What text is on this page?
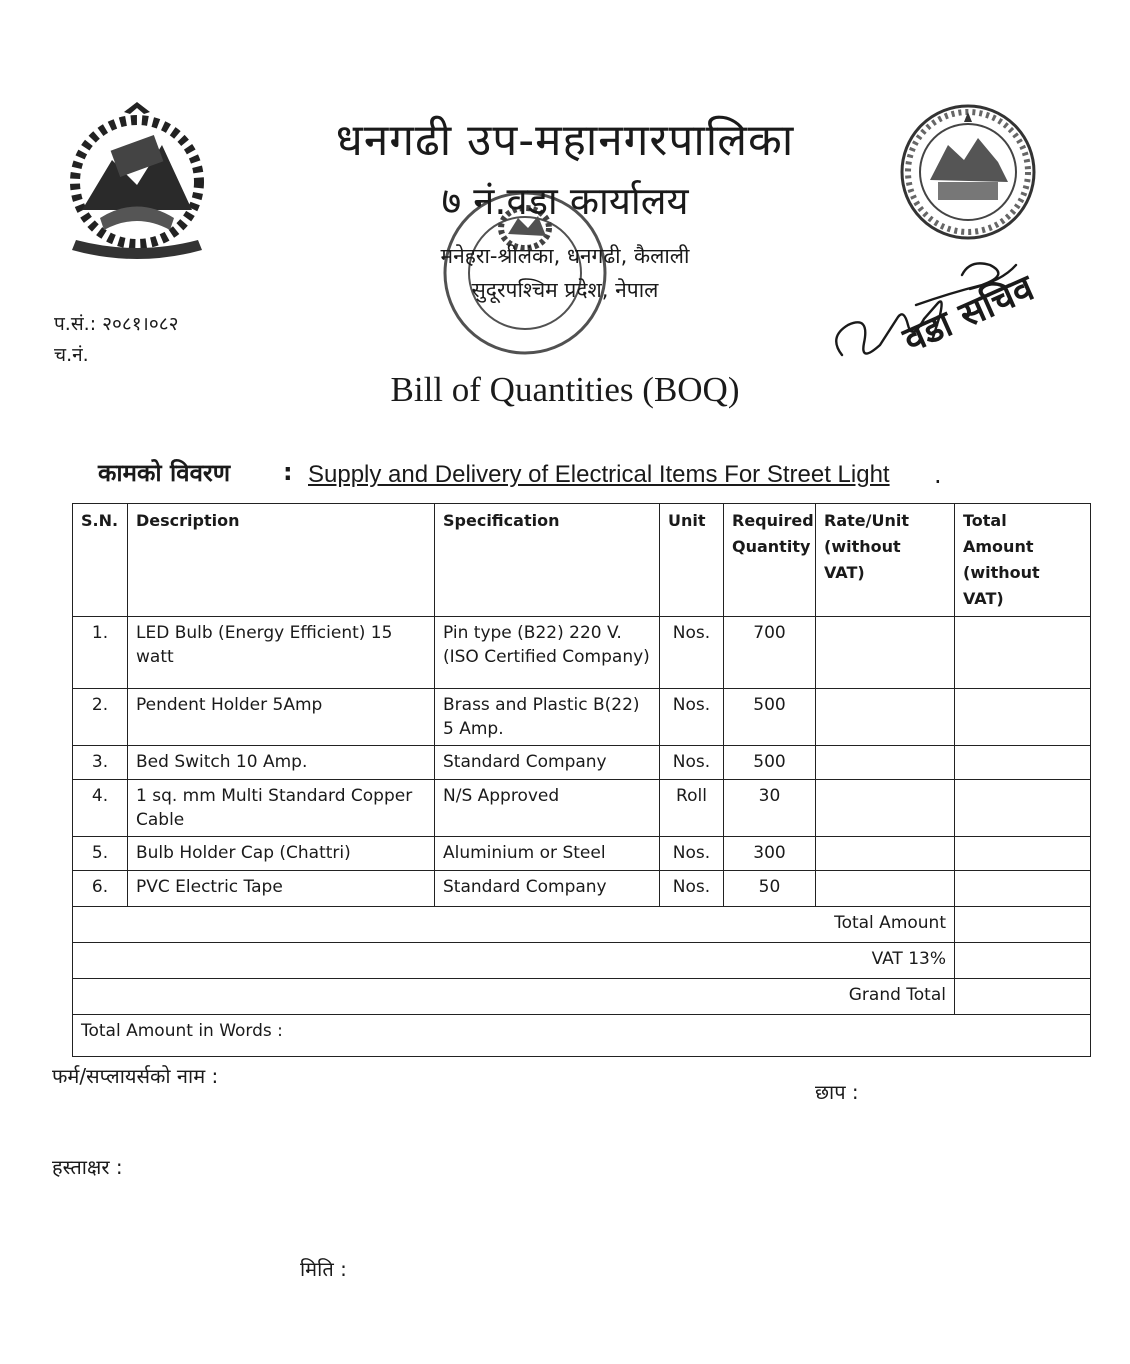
धनगढी उप-महानगरपालिका
७ नं.वडा कार्यालय
मनेहरा-श्रीलंका, धनगढी, कैलाली
सुदूरपश्चिम प्रदेश, नेपाल
प.सं.: २०८१।०८२
च.नं.	वडा सचिव
Bill of Quantities (BOQ)
कामको विवरण : Supply and Delivery of Electrical Items For Street Light .
S.N.	Description	Specification	Unit	Required Quantity	Rate/Unit (without VAT)	Total Amount (without VAT)
1.	LED Bulb (Energy Efficient) 15 watt	Pin type (B22) 220 V. (ISO Certified Company)	Nos.	700		
2.	Pendent Holder 5Amp	Brass and Plastic B(22) 5 Amp.	Nos.	500		
3.	Bed Switch 10 Amp.	Standard Company	Nos.	500		
4.	1 sq. mm Multi Standard Copper Cable	N/S Approved	Roll	30		
5.	Bulb Holder Cap (Chattri)	Aluminium or Steel	Nos.	300		
6.	PVC Electric Tape	Standard Company	Nos.	50		
Total Amount						
VAT 13%						
Grand Total						
Total Amount in Words :						
फर्म/सप्लायर्सको नाम :
छाप :
हस्ताक्षर :
मिति :
